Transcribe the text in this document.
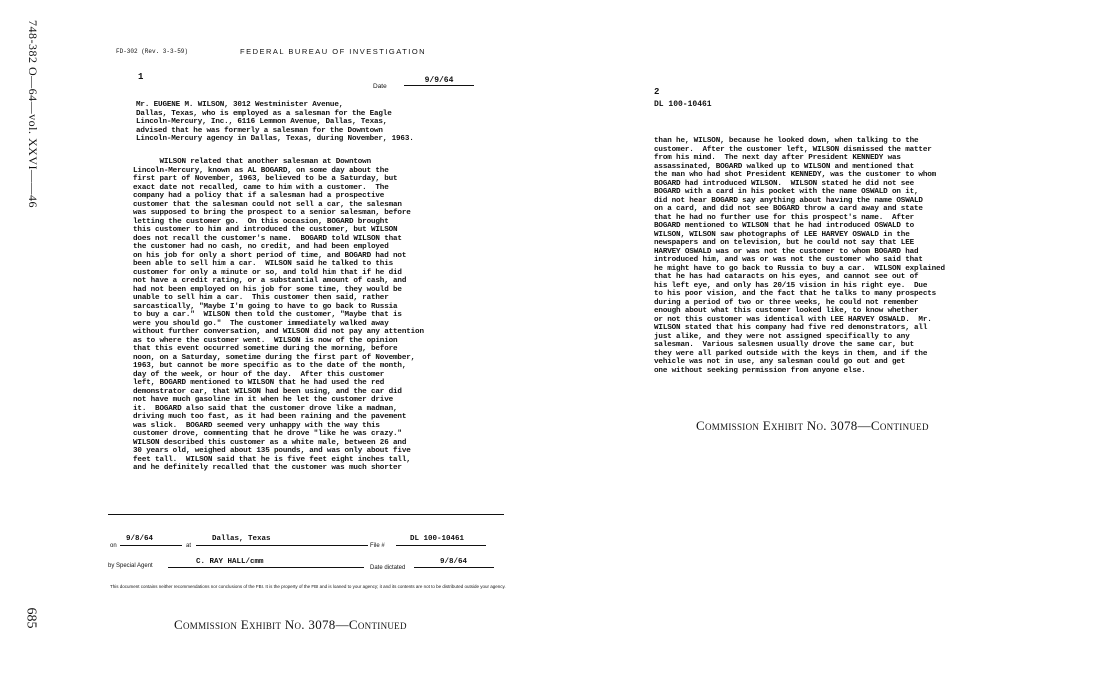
748-382 O—64—vol. XXVI——46
685
FD-302 (Rev. 3-3-59)	FEDERAL BUREAU OF INVESTIGATION
1
Date
9/9/64
Mr. EUGENE M. WILSON, 3012 Westminister Avenue,
Dallas, Texas, who is employed as a salesman for the Eagle
Lincoln-Mercury, Inc., 6116 Lemmon Avenue, Dallas, Texas,
advised that he was formerly a salesman for the Downtown
Lincoln-Mercury agency in Dallas, Texas, during November, 1963.
WILSON related that another salesman at Downtown
Lincoln-Mercury, known as AL BOGARD, on some day about the
first part of November, 1963, believed to be a Saturday, but
exact date not recalled, came to him with a customer.  The
company had a policy that if a salesman had a prospective
customer that the salesman could not sell a car, the salesman
was supposed to bring the prospect to a senior salesman, before
letting the customer go.  On this occasion, BOGARD brought
this customer to him and introduced the customer, but WILSON
does not recall the customer's name.  BOGARD told WILSON that
the customer had no cash, no credit, and had been employed
on his job for only a short period of time, and BOGARD had not
been able to sell him a car.  WILSON said he talked to this
customer for only a minute or so, and told him that if he did
not have a credit rating, or a substantial amount of cash, and
had not been employed on his job for some time, they would be
unable to sell him a car.  This customer then said, rather
sarcastically, "Maybe I'm going to have to go back to Russia
to buy a car."  WILSON then told the customer, "Maybe that is
were you should go."  The customer immediately walked away
without further conversation, and WILSON did not pay any attention
as to where the customer went.  WILSON is now of the opinion
that this event occurred sometime during the morning, before
noon, on a Saturday, sometime during the first part of November,
1963, but cannot be more specific as to the date of the month,
day of the week, or hour of the day.  After this customer
left, BOGARD mentioned to WILSON that he had used the red
demonstrator car, that WILSON had been using, and the car did
not have much gasoline in it when he let the customer drive
it.  BOGARD also said that the customer drove like a madman,
driving much too fast, as it had been raining and the pavement
was slick.  BOGARD seemed very unhappy with the way this
customer drove, commenting that he drove "like he was crazy."
WILSON described this customer as a white male, between 26 and
30 years old, weighed about 135 pounds, and was only about five
feet tall.  WILSON said that he is five feet eight inches tall,
and he definitely recalled that the customer was much shorter
on
9/8/64
at
Dallas, Texas
File #
DL 100-10461
by Special Agent	C. RAY HALL/cmm
Date dictated
9/8/64
This document contains neither recommendations nor conclusions of the FBI. It is the property of the FBI and is loaned to your agency; it and its contents are not to be distributed outside your agency.
Commission Exhibit No. 3078—Continued
2
DL 100-10461
than he, WILSON, because he looked down, when talking to the
customer.  After the customer left, WILSON dismissed the matter
from his mind.  The next day after President KENNEDY was
assassinated, BOGARD walked up to WILSON and mentioned that
the man who had shot President KENNEDY, was the customer to whom
BOGARD had introduced WILSON.  WILSON stated he did not see
BOGARD with a card in his pocket with the name OSWALD on it,
did not hear BOGARD say anything about having the name OSWALD
on a card, and did not see BOGARD throw a card away and state
that he had no further use for this prospect's name.  After
BOGARD mentioned to WILSON that he had introduced OSWALD to
WILSON, WILSON saw photographs of LEE HARVEY OSWALD in the
newspapers and on television, but he could not say that LEE
HARVEY OSWALD was or was not the customer to whom BOGARD had
introduced him, and was or was not the customer who said that
he might have to go back to Russia to buy a car.  WILSON explained
that he has had cataracts on his eyes, and cannot see out of
his left eye, and only has 20/15 vision in his right eye.  Due
to his poor vision, and the fact that he talks to many prospects
during a period of two or three weeks, he could not remember
enough about what this customer looked like, to know whether
or not this customer was identical with LEE HARVEY OSWALD.  Mr.
WILSON stated that his company had five red demonstrators, all
just alike, and they were not assigned specifically to any
salesman.  Various salesmen usually drove the same car, but
they were all parked outside with the keys in them, and if the
vehicle was not in use, any salesman could go out and get
one without seeking permission from anyone else.
Commission Exhibit No. 3078—Continued
